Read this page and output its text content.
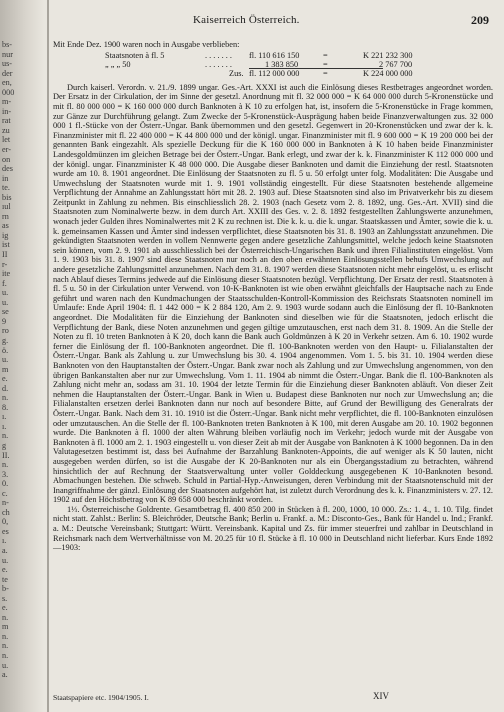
bs-
nur
us-
der
en,
000
m-
in-
rat
zu
let
er-
on
des
in
te.
bis
ıul
rn
as
ig
ist
II
r-
ite
f.
u.
u.
se
9
ro
g.
ö.
u.
m
e.
d.
n.
8.
ı.
ı.
n.
g
II.
n.
3.
0.
c.
n-
ch
0,
es
ı.
a.
u.
e.
te
b-
s.
e.
n.
m
n.
n.
n.
u.
a.
Kaiserreich Österreich.	209
Mit Ende Dez. 1900 waren noch in Ausgabe verblieben:
Staatsnoten à fl. 5	. . . . . . . fl. 110 616 150	=	K 221 232 300
„ „ „ 50	. . . . . . .	1 383 850	=	2 767 700
Zus. fl. 112 000 000	=	K 224 000 000

Durch kaiserl. Verordn. v. 21./9. 1899 ungar. Ges.-Art. XXXI ist auch die Einlösung dieses Restbetrages angeordnet worden. Der Ersatz in der Cirkulation, der im Sinne der gesetzl. Anordnung mit fl. 32 000 000 = K 64 000 000 durch 5-Kronenstücke und mit fl. 80 000 000 = K 160 000 000 durch Banknoten à K 10 zu erfolgen hat, ist, insofern die 5-Kronenstücke in Frage kommen, zur Gänze zur Durchführung gelangt. Zum Zwecke der 5-Kronenstück-Ausprägung haben beide Finanzverwaltungen zus. 32 000 000 1 fl.-Stücke von der Österr.-Ungar. Bank übernommen und den gesetzl. Gegenwert in 20-Kronenstücken und zwar der k. k. Finanzminister mit fl. 22 400 000 = K 44 800 000 und der königl. ungar. Finanzminister mit fl. 9 600 000 = K 19 200 000 bei der genannten Bank eingezahlt. Als spezielle Deckung für die K 160 000 000 in Banknoten à K 10 haben beide Finanzminister Landesgoldmünzen im gleichen Betrage bei der Österr.-Ungar. Bank erlegt, und zwar der k. k. Finanzminister K 112 000 000 und der königl. ungar. Finanzminister K 48 000 000. Die Ausgabe dieser Banknoten und damit die Einziehung der restl. Staatsnoten wurde am 10. 8. 1901 angeordnet. Die Einlösung der Staatsnoten zu fl. 5 u. 50 erfolgt unter folg. Modalitäten: Die Ausgabe und Umwechslung der Staatsnoten wurde mit 1. 9. 1901 vollständig eingestellt. Für diese Staatsnoten bestehende allgemeine Verpflichtung der Annahme an Zahlungsstatt hört mit 28. 2. 1903 auf. Diese Staatsnoten sind also im Privatverkehr bis zu diesem Zeitpunkt in Zahlung zu nehmen. Bis einschliesslich 28. 2. 1903 (nach Gesetz vom 2. 8. 1892, ung. Ges.-Art. XVII) sind die Staatsnoten zum Nominalwerte bezw. in dem durch Art. XXIII des Ges. v. 2. 8. 1892 festgestellten Zahlungswerte anzunehmen, wonach jeder Gulden ihres Nominalwertes mit 2 K zu rechnen ist. Die k. k. u. die k. ungar. Staatskassen und Ämter, sowie die k. u. k. gemeinsamen Kassen und Ämter sind indessen verpflichtet, diese Staatsnoten bis 31. 8. 1903 an Zahlungsstatt anzunehmen. Die gekündigten Staatsnoten werden in vollem Nennwerte gegen andere gesetzliche Zahlungsmittel, welche jedoch keine Staatsnoten sein können, vom 2. 9. 1901 ab ausschliesslich bei der Österreichisch-Ungarischen Bank und ihren Filialinstituten eingelöst. Vom 1. 9. 1903 bis 31. 8. 1907 sind diese Staatsnoten nur noch an den oben erwähnten Einlösungsstellen behufs Umwechslung auf andere gesetzliche Zahlungsmittel anzunehmen. Nach dem 31. 8. 1907 werden diese Staatsnoten nicht mehr eingelöst, u. es erlischt nach Ablauf dieses Termins jedwede auf die Einlösung dieser Staatsnoten bezügl. Verpflichtung. Der Ersatz der restl. Staatsnoten à fl. 5 u. 50 in der Cirkulation unter Verwend. von 10-K-Banknoten ist wie oben erwähnt gleichfalls der Hauptsache nach zu Ende geführt und waren nach den Kundmachungen der Staatsschulden-Kontroll-Kommission des Reichsrats Staatsnoten nominell im Umlaufe: Ende April 1904: fl. 1 442 000 = K 2 884 120, Am 2. 9. 1903 wurde sodann auch die Einlösung der fl. 10-Banknoten angeordnet. Die Modalitäten für die Einziehung der Banknoten sind dieselben wie für die Staatsnoten, jedoch erlischt die Verpflichtung der Bank, diese Noten anzunehmen und gegen giltige umzutauschen, erst nach dem 31. 8. 1909. An die Stelle der Noten zu fl. 10 treten Banknoten à K 20, doch kann die Bank auch Goldmünzen à K 20 in Verkehr setzen. Am 6. 10. 1902 wurde ferner die Einlösung der fl. 100-Banknoten angeordnet. Die fl. 100-Banknoten werden von den Haupt- u. Filialanstalten der Österr.-Ungar. Bank als Zahlung u. zur Umwechslung bis 30. 4. 1904 angenommen. Vom 1. 5. bis 31. 10. 1904 werden diese Banknoten von den Hauptanstalten der Österr.-Ungar. Bank zwar noch als Zahlung und zur Umwechslung angenommen, von den übrigen Bankanstalten aber nur zur Umwechslung. Vom 1. 11. 1904 ab nimmt die Österr.-Ungar. Bank die fl. 100-Banknoten als Zahlung nicht mehr an, sodass am 31. 10. 1904 der letzte Termin für die Einziehung dieser Banknoten abläuft. Von dieser Zeit nehmen die Hauptanstalten der Österr.-Ungar. Bank in Wien u. Budapest diese Banknoten nur noch zur Umwechslung an; die Filialanstalten ersetzen derlei Banknoten dann nur noch auf besondere Bitte, auf Grund der Bewilligung des Generalrats der Österr.-Ungar. Bank. Nach dem 31. 10. 1910 ist die Österr.-Ungar. Bank nicht mehr verpflichtet, die fl. 100-Banknoten einzulösen oder umzutauschen. An die Stelle der fl. 100-Banknoten treten Banknoten à K 100, mit deren Ausgabe am 20. 10. 1902 begonnen wurde. Die Banknoten à fl. 1000 der alten Währung bleiben vorläufig noch im Verkehr; jedoch wurde mit der Ausgabe von Banknoten à fl. 1000 am 2. 1. 1903 eingestellt u. von dieser Zeit ab mit der Ausgabe von Banknoten à K 1000 begonnen. Da in den Valutagesetzen bestimmt ist, dass bei Aufnahme der Barzahlung Banknoten-Appoints, die auf weniger als K 50 lauten, nicht ausgegeben werden dürfen, so ist die Ausgabe der K 20-Banknoten nur als ein Übergangsstadium zu betrachten, während hinsichtlich der auf Rechnung der Staatsverwaltung unter voller Golddeckung ausgegebenen K 10-Banknoten besond. Abmachungen bestehen. Die schweb. Schuld in Partial-Hyp.-Anweisungen, deren Verbindung mit der Staatsnotenschuld mit der Inangriffnahme der gänzl. Einlösung der Staatsnoten aufgehört hat, ist zuletzt durch Verordnung des k. k. Finanzministers v. 27. 12. 1902 auf den Höchstbetrag von K 89 658 000 beschränkt worden.

1⅓. Österreichische Goldrente. Gesamtbetrag fl. 400 850 200 in Stücken à fl. 200, 1000, 10 000. Zs.: 1. 4., 1. 10. Tilg. findet nicht statt. Zahlst.: Berlin: S. Bleichröder, Deutsche Bank; Berlin u. Frankf. a. M.: Disconto-Ges., Bank für Handel u. Ind.; Frankf. a. M.: Deutsche Vereinsbank; Stuttgart: Württ. Vereinsbank. Kapital und Zs. für immer steuerfrei und zahlbar in Deutschland in Reichsmark nach dem Wertverhältnisse von M. 20.25 für 10 fl. Stücke à fl. 10 000 in Deutschland nicht lieferbar. Kurs Ende 1892—1903:

Staatspapiere etc. 1904/1905. I.	XIV
